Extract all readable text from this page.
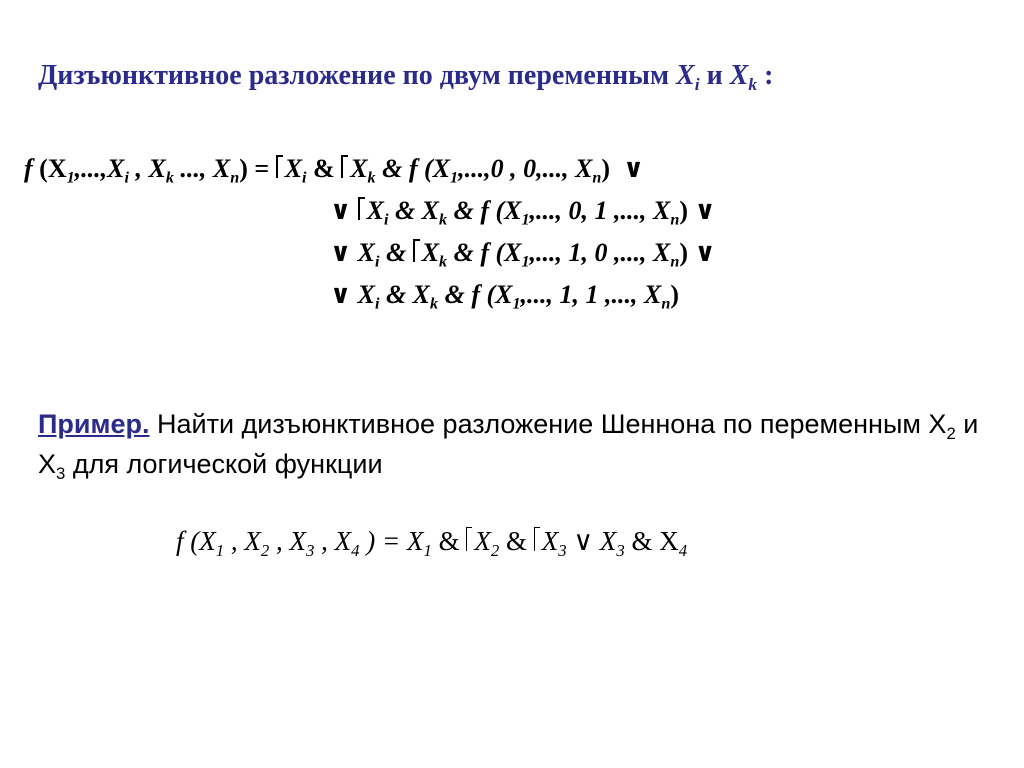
Дизъюнктивное разложение по двум переменным $X_i$ и $X_k$ :
f ($X_1,...,X_i$ , $X_k$ ..., $X_n) = X_i$ & $X_k$ & f ($X_1,...,0$ , 0,..., $X_n$) ∨
∨ $X_i$ & $X_k$ & f ($X_1$,..., 0, 1 ,..., $X_n$) ∨
∨ $X_i$ & $X_k$ & f ($X_1$,..., 1, 0 ,..., $X_n$) ∨
∨ $X_i$ & $X_k$ & f ($X_1$,..., 1, 1 ,..., $X_n$)
Пример. Найти дизъюнктивное разложение Шеннона по переменным $X_2$ и $X_3$ для логической функции
f ($X_1$ , $X_2$ , $X_3$ , $X_4$ ) = $X_1$ & $X_2$ & $X_3$ ∨ $X_3$ & $X_4$
